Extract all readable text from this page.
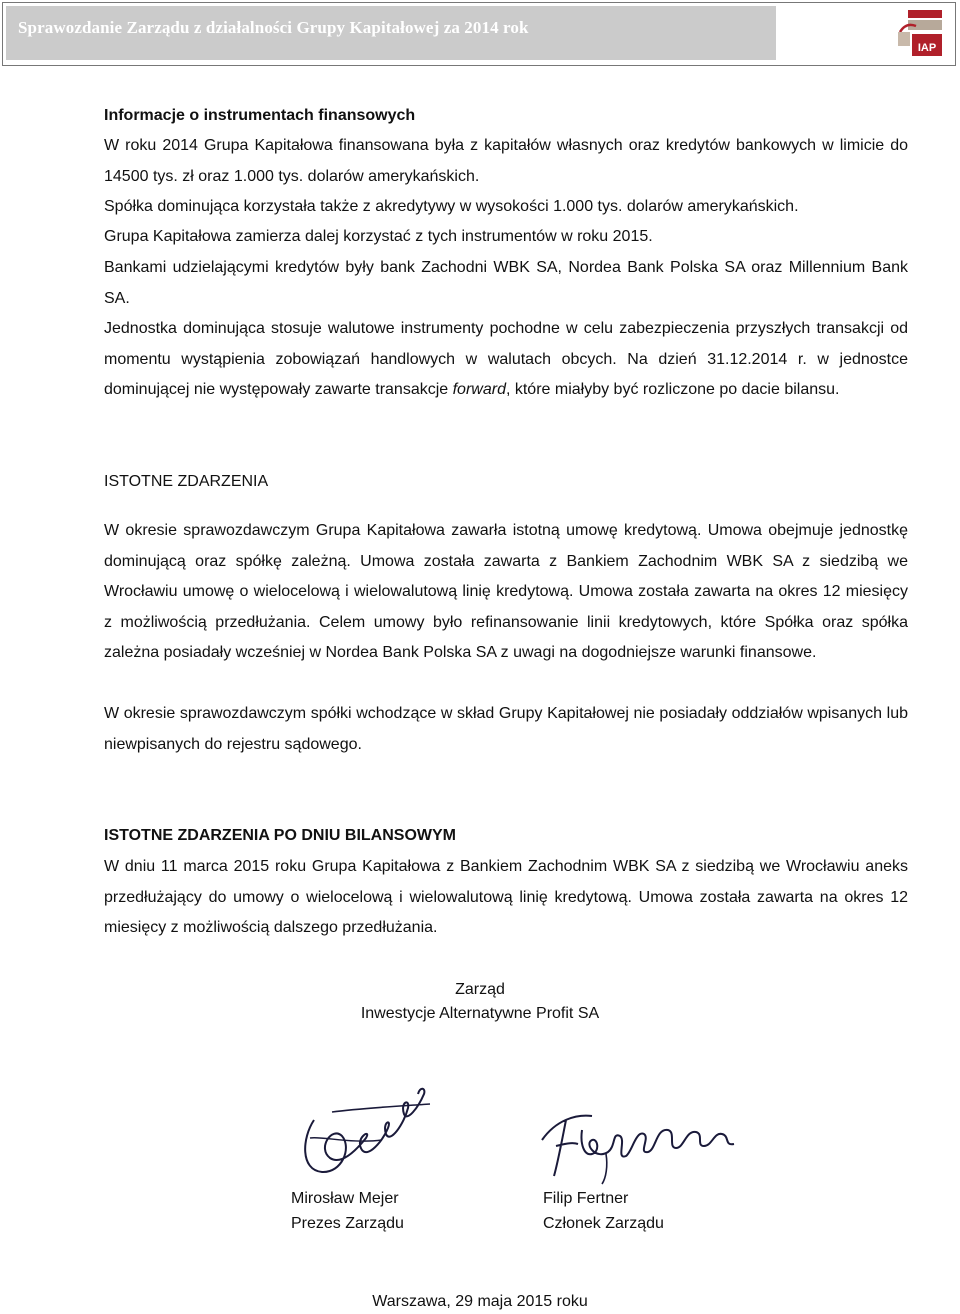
Sprawozdanie Zarządu z działalności Grupy Kapitałowej za 2014 rok
IAP

Informacje o instrumentach finansowych

W roku 2014 Grupa Kapitałowa finansowana była z kapitałów własnych oraz kredytów bankowych w limicie do 14500 tys. zł oraz 1.000 tys. dolarów amerykańskich.

Spółka dominująca korzystała także z akredytywy w wysokości 1.000 tys. dolarów amerykańskich.

Grupa Kapitałowa zamierza dalej korzystać z tych instrumentów w roku 2015.

Bankami udzielającymi kredytów były bank Zachodni WBK SA, Nordea Bank Polska SA oraz Millennium Bank SA.

Jednostka dominująca stosuje walutowe instrumenty pochodne w celu zabezpieczenia przyszłych transakcji od momentu wystąpienia zobowiązań handlowych w walutach obcych. Na dzień 31.12.2014 r. w jednostce dominującej nie występowały zawarte transakcje forward, które miałyby być rozliczone po dacie bilansu.

ISTOTNE ZDARZENIA

W okresie sprawozdawczym Grupa Kapitałowa zawarła istotną umowę kredytową. Umowa obejmuje jednostkę dominującą oraz spółkę zależną. Umowa została zawarta z Bankiem Zachodnim WBK SA z siedzibą we Wrocławiu umowę o wielocelową i wielowalutową linię kredytową. Umowa została zawarta na okres 12 miesięcy z możliwością przedłużania. Celem umowy było refinansowanie linii kredytowych, które Spółka oraz spółka zależna posiadały wcześniej w Nordea Bank Polska SA z uwagi na dogodniejsze warunki finansowe.

W okresie sprawozdawczym spółki wchodzące w skład Grupy Kapitałowej nie posiadały oddziałów wpisanych lub niewpisanych do rejestru sądowego.

ISTOTNE ZDARZENIA PO DNIU BILANSOWYM

W dniu 11 marca 2015 roku Grupa Kapitałowa z Bankiem Zachodnim WBK SA z siedzibą we Wrocławiu aneks przedłużający do umowy o wielocelową i wielowalutową linię kredytową. Umowa została zawarta na okres 12 miesięcy z możliwością dalszego przedłużania.

Zarząd
Inwestycje Alternatywne Profit SA
Mirosław Mejer
Prezes Zarządu
Filip Fertner
Członek Zarządu
Warszawa, 29 maja 2015 roku
